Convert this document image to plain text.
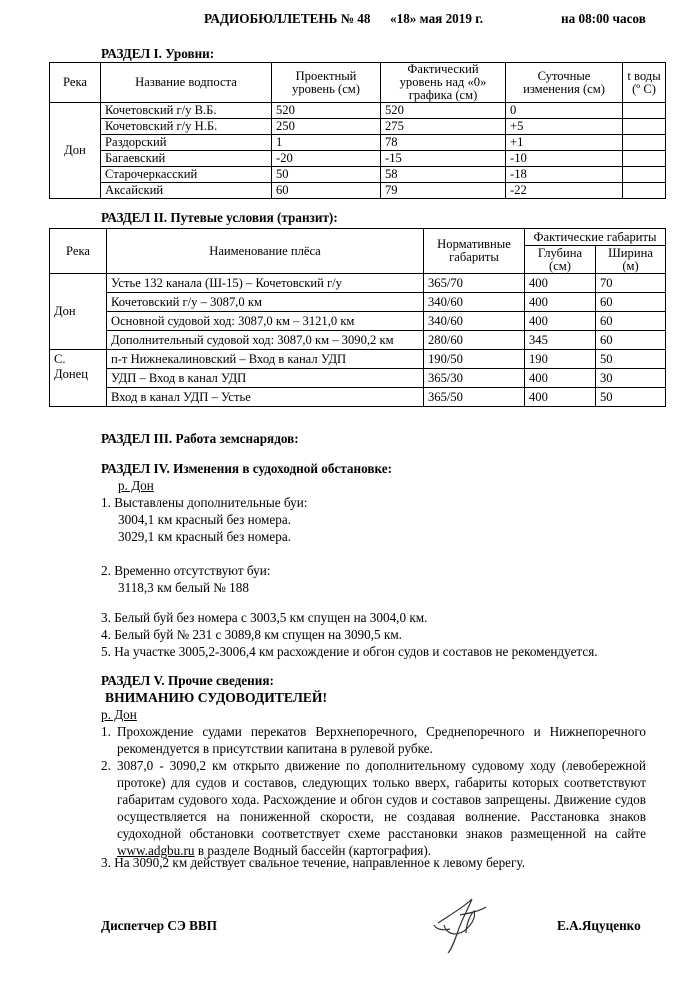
РАДИОБЮЛЛЕТЕНЬ № 48 «18» мая 2019 г.	на 08:00 часов
РАЗДЕЛ I. Уровни:
Река	Название водпоста	Проектный уровень (см)	Фактический уровень над «0» графика (см)	Суточные изменения (см)	t воды (º С)
Дон	Кочетовский г/у В.Б.	520	520	0	
	Кочетовский г/у Н.Б.	250	275	+5	
	Раздорский	1	78	+1	
	Багаевский	-20	-15	-10	
	Старочеркасский	50	58	-18	
	Аксайский	60	79	-22	
РАЗДЕЛ II. Путевые условия (транзит):
Река	Наименование плёса	Нормативные габариты	Фактические габариты	
			Глубина (см)	Ширина (м)
Дон	Устье 132 канала (Ш-15) – Кочетовский г/у	365/70	400	70
	Кочетовский г/у – 3087,0 км	340/60	400	60
	Основной судовой ход: 3087,0 км – 3121,0 км	340/60	400	60
	Дополнительный судовой ход: 3087,0 км – 3090,2 км	280/60	345	60
С. Донец	п-т Нижнекалиновский – Вход в канал УДП	190/50	190	50
	УДП – Вход в канал УДП	365/30	400	30
	Вход в канал УДП – Устье	365/50	400	50
РАЗДЕЛ III. Работа земснарядов:
РАЗДЕЛ IV. Изменения в судоходной обстановке:
р. Дон
1. Выставлены дополнительные буи:
3004,1 км красный без номера.
3029,1 км красный без номера.
2. Временно отсутствуют буи:
3118,3 км белый № 188
3. Белый буй без номера с 3003,5 км спущен на 3004,0 км.
4. Белый буй № 231 с 3089,8 км спущен на 3090,5 км.
5. На участке 3005,2-3006,4 км расхождение и обгон судов и составов не рекомендуется.
РАЗДЕЛ V. Прочие сведения:
ВНИМАНИЮ СУДОВОДИТЕЛЕЙ!
р. Дон
1. Прохождение судами перекатов Верхнепоречного, Среднепоречного и Нижнепоречного рекомендуется в присутствии капитана в рулевой рубке.

2. 3087,0 - 3090,2 км открыто движение по дополнительному судовому ходу (левобережной протоке) для судов и составов, следующих только вверх, габариты которых соответствуют габаритам судового хода. Расхождение и обгон судов и составов запрещены. Движение судов осуществляется на пониженной скорости, не создавая волнение. Расстановка знаков судоходной обстановки соответствует схеме расстановки знаков размещенной на сайте www.adgbu.ru в разделе Водный бассейн (картография).

3. На 3090,2 км действует свальное течение, направленное к левому берегу.
Диспетчер СЭ ВВП	Е.А.Яцуценко
